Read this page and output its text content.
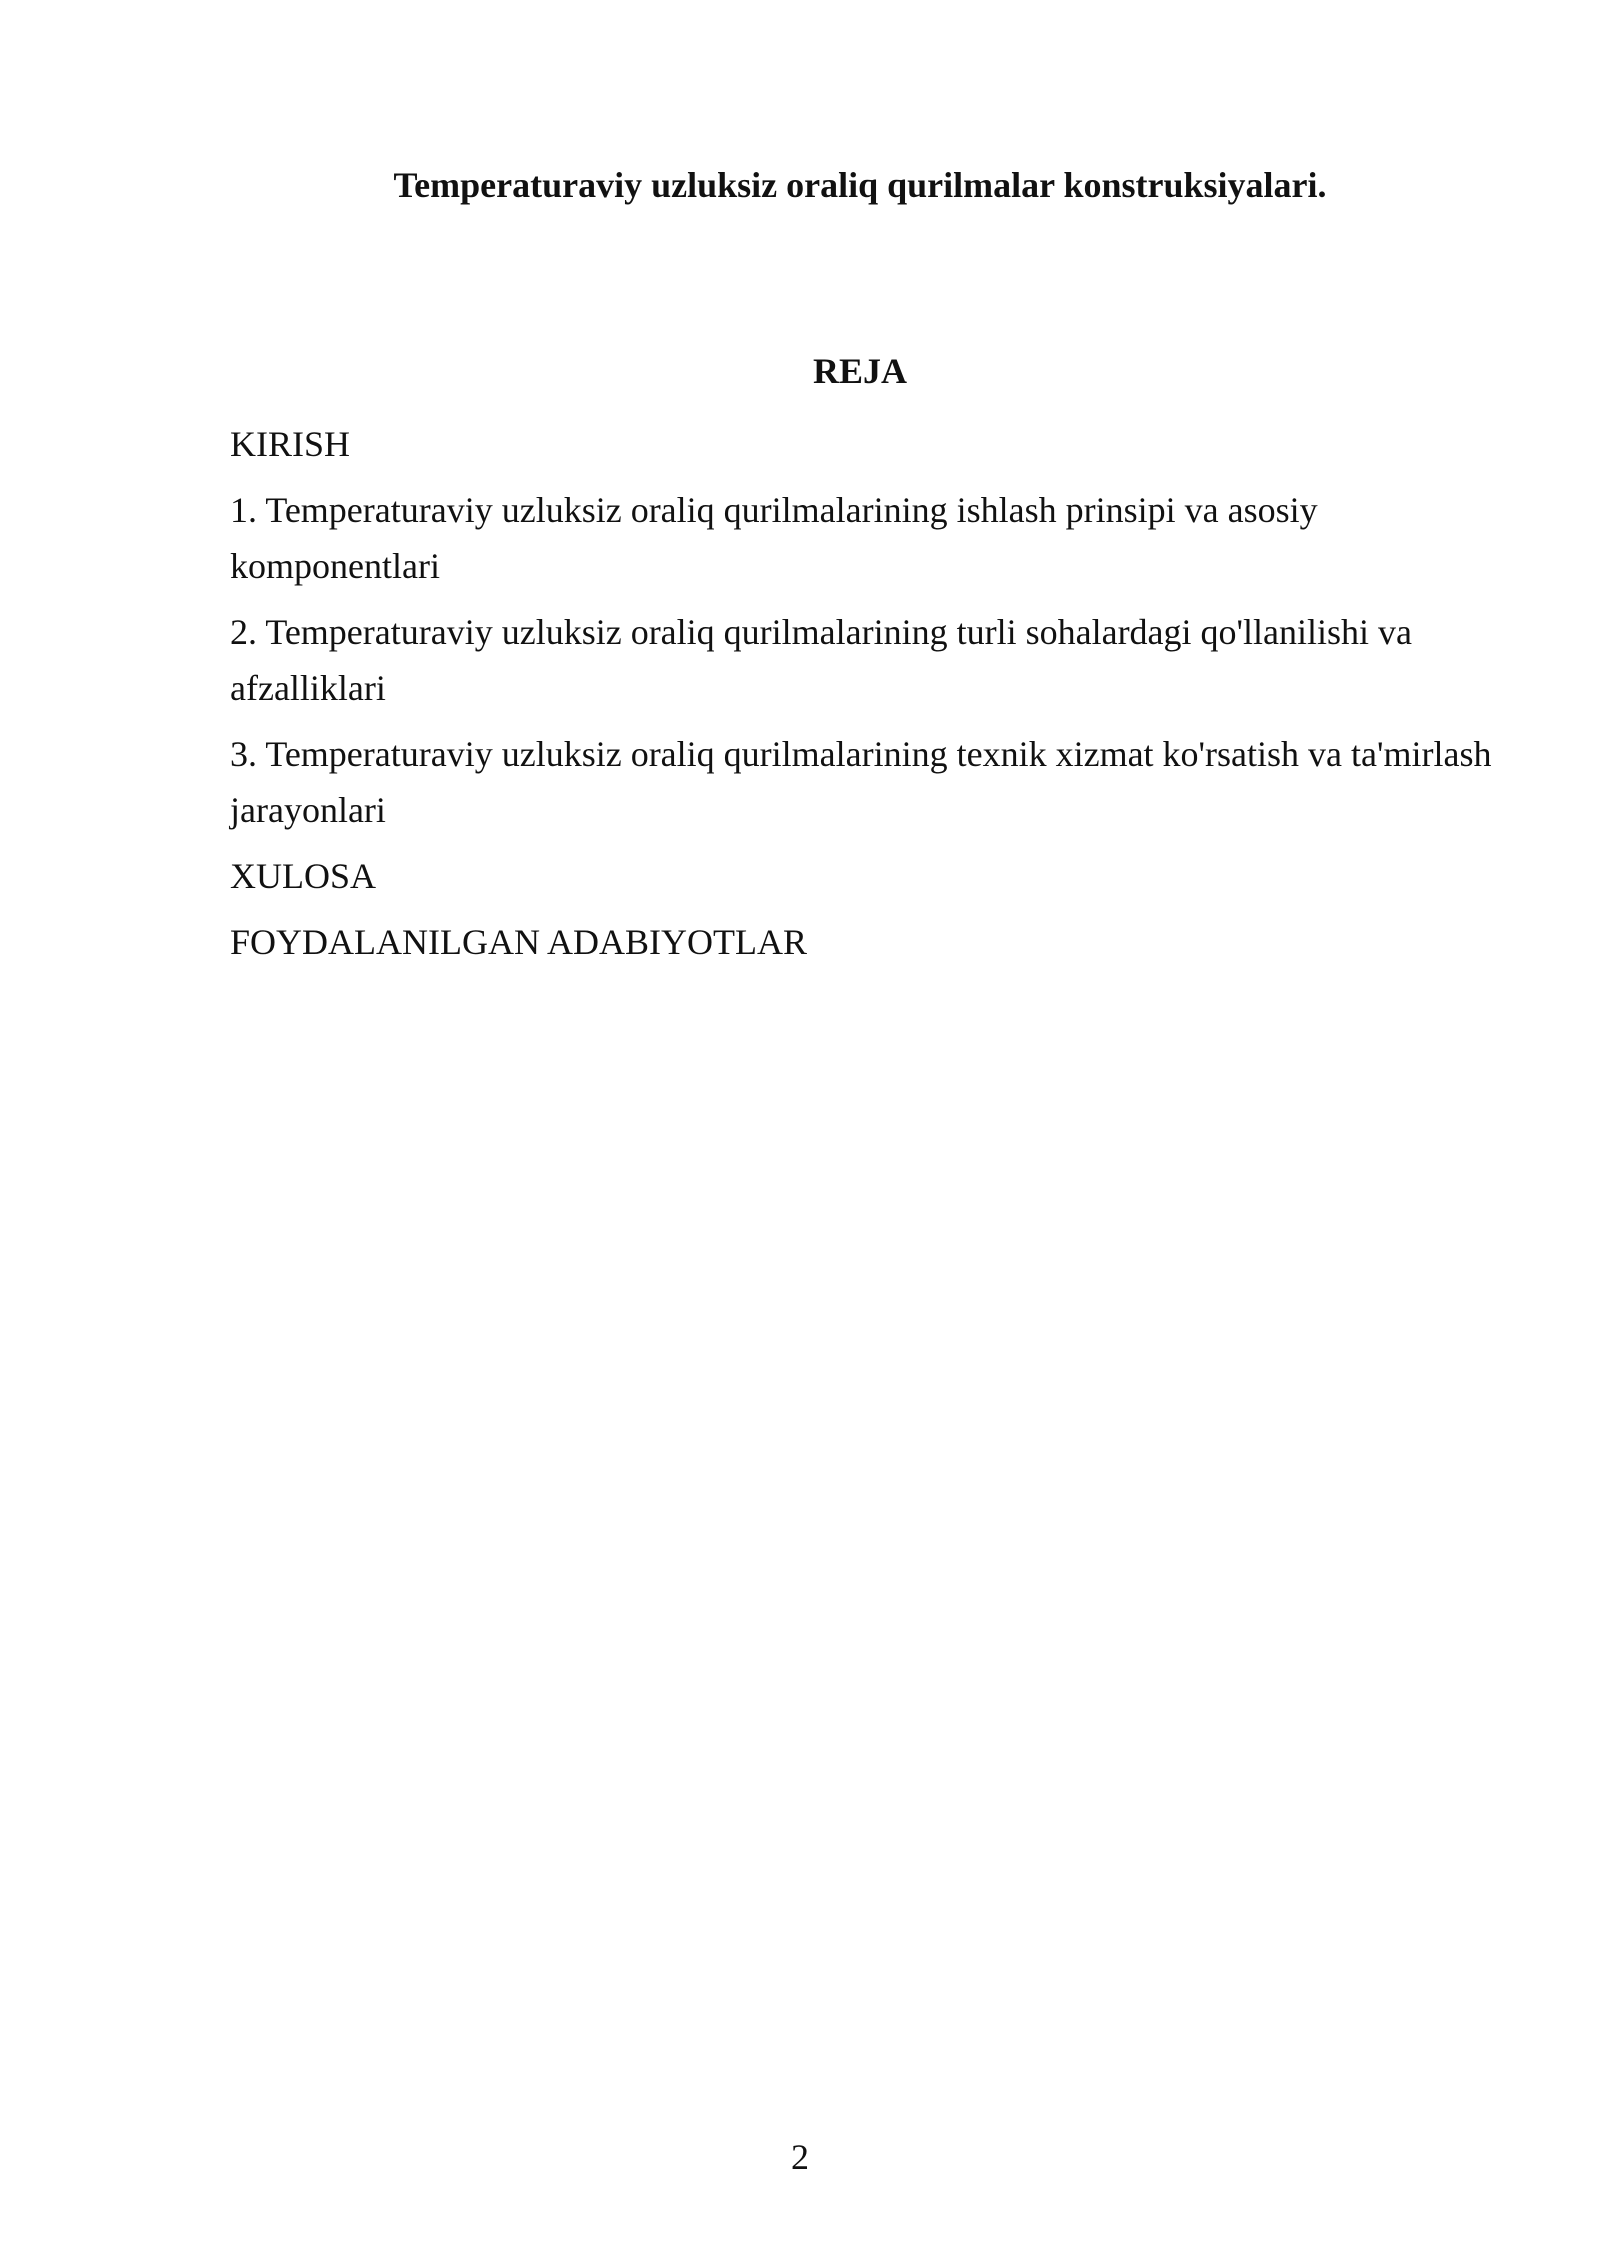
Temperaturaviy uzluksiz oraliq qurilmalar konstruksiyalari.
REJA
KIRISH
1. Temperaturaviy uzluksiz oraliq qurilmalarining ishlash prinsipi va asosiy komponentlari
2. Temperaturaviy uzluksiz oraliq qurilmalarining turli sohalardagi qo'llanilishi va afzalliklari
3. Temperaturaviy uzluksiz oraliq qurilmalarining texnik xizmat ko'rsatish va ta'mirlash jarayonlari
XULOSA
FOYDALANILGAN ADABIYOTLAR

2
